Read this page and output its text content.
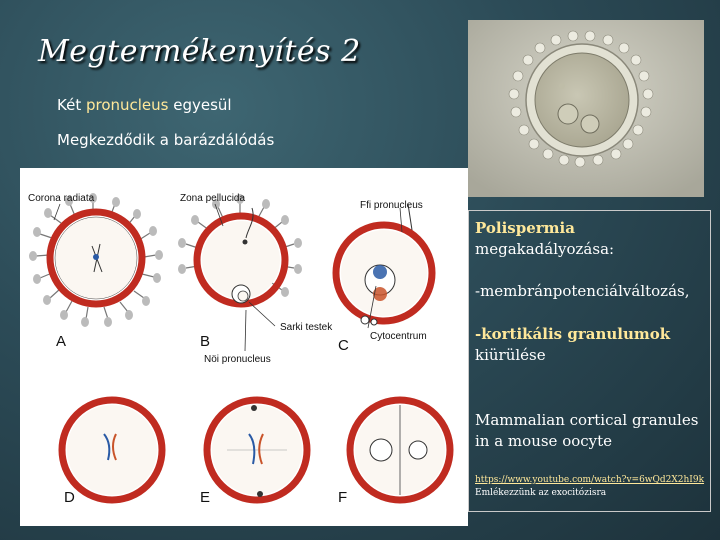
Megtermékenyítés 2
Két pronucleus egyesül
Megkezdődik a barázdálódás
Corona radiata	Zona pellucida
Ffi pronucleus
Nöi pronucleus
Sarki testek
Cytocentrum
A	B	C
D	E	F
Polispermia
megakadályozása:
-membránpotenciálváltozás,
-kortikális granulumok
kiürülése
Mammalian cortical granules in a mouse oocyte
https://www.youtube.com/watch?v=6wQd2X2hI9k
Emlékezzünk az exocitózisra
